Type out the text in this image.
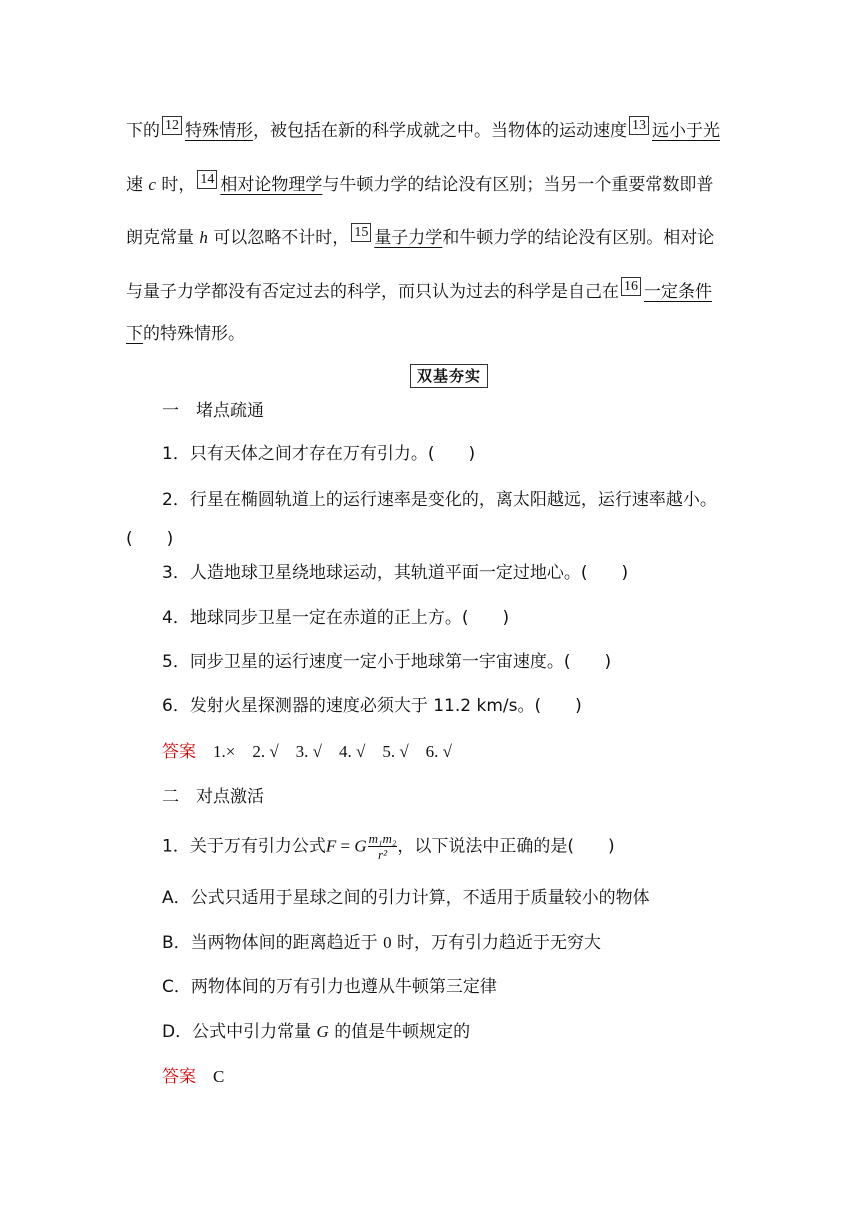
下的 12 特殊情形，被包括在新的科学成就之中。当物体的运动速度 13 远小于光
速 c 时， 14 相对论物理学与牛顿力学的结论没有区别；当另一个重要常数即普
朗克常量 h 可以忽略不计时， 15 量子力学和牛顿力学的结论没有区别。相对论
与量子力学都没有否定过去的科学，而只认为过去的科学是自己在 16 一定条件
下的特殊情形。
双基夯实
一　堵点疏通
1．只有天体之间才存在万有引力。(　　)
2．行星在椭圆轨道上的运行速率是变化的，离太阳越远，运行速率越小。
(　　)
3．人造地球卫星绕地球运动，其轨道平面一定过地心。(　　)
4．地球同步卫星一定在赤道的正上方。(　　)
5．同步卫星的运行速度一定小于地球第一宇宙速度。(　　)
6．发射火星探测器的速度必须大于 11.2 km/s。(　　)
答案　 1.×　2. √　3. √　4. √　5. √　6. √
二　对点激活
1．关于万有引力公式F = G $\frac{\text{m₁m₂}}{\text{r²}}$ ，以下说法中正确的是(　　)
A．公式只适用于星球之间的引力计算，不适用于质量较小的物体
B．当两物体间的距离趋近于 0 时，万有引力趋近于无穷大
C．两物体间的万有引力也遵从牛顿第三定律
D．公式中引力常量 G 的值是牛顿规定的
答案　 C
